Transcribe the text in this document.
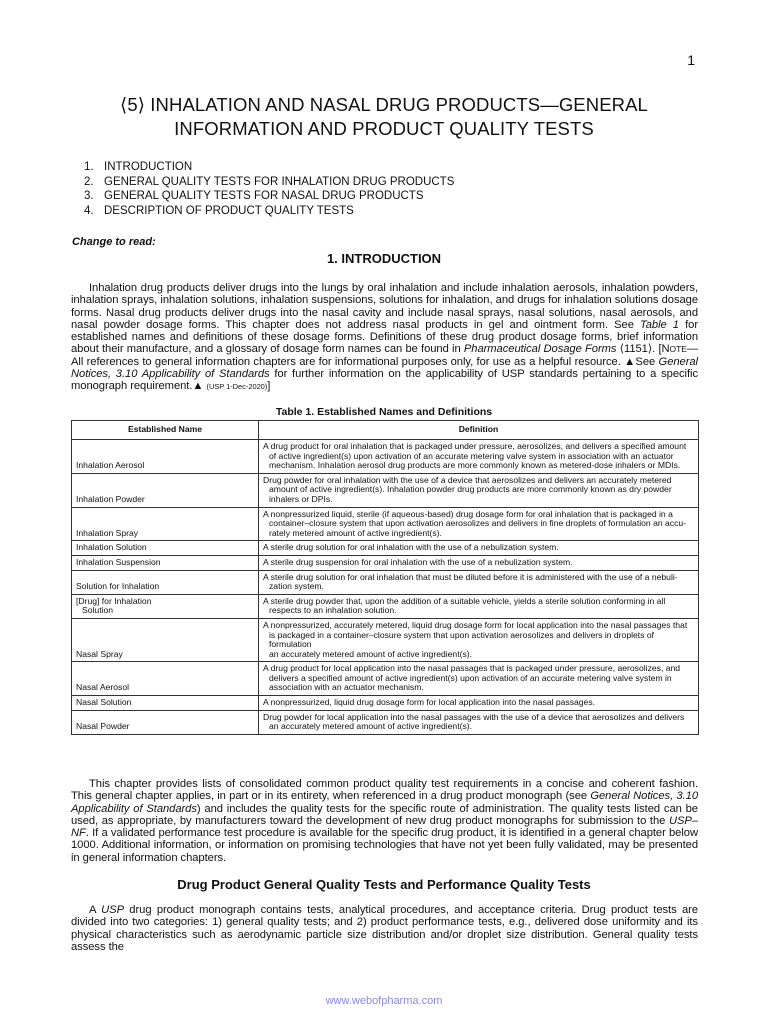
1
⟨5⟩ INHALATION AND NASAL DRUG PRODUCTS—GENERAL
INFORMATION AND PRODUCT QUALITY TESTS
1. INTRODUCTION
2. GENERAL QUALITY TESTS FOR INHALATION DRUG PRODUCTS
3. GENERAL QUALITY TESTS FOR NASAL DRUG PRODUCTS
4. DESCRIPTION OF PRODUCT QUALITY TESTS
Change to read:
1. INTRODUCTION
Inhalation drug products deliver drugs into the lungs by oral inhalation and include inhalation aerosols, inhalation powders, inhalation sprays, inhalation solutions, inhalation suspensions, solutions for inhalation, and drugs for inhalation solutions dosage forms. Nasal drug products deliver drugs into the nasal cavity and include nasal sprays, nasal solutions, nasal aerosols, and nasal powder dosage forms. This chapter does not address nasal products in gel and ointment form. See Table 1 for established names and definitions of these dosage forms. Definitions of these drug product dosage forms, brief information about their manufacture, and a glossary of dosage form names can be found in Pharmaceutical Dosage Forms ⟨1151⟩. [NOTE—All references to general information chapters are for informational purposes only, for use as a helpful resource. ▲See General Notices, 3.10 Applicability of Standards for further information on the applicability of USP standards pertaining to a specific monograph requirement.▲ (USP 1-Dec-2020)]
Table 1. Established Names and Definitions
Established Name	Definition

Inhalation Aerosol	A drug product for oral inhalation that is packaged under pressure, aerosolizes, and delivers a specified amount
of active ingredient(s) upon activation of an accurate metering valve system in association with an actuator
mechanism. Inhalation aerosol drug products are more commonly known as metered-dose inhalers or MDIs.

Inhalation Powder	Drug powder for oral inhalation with the use of a device that aerosolizes and delivers an accurately metered
amount of active ingredient(s). Inhalation powder drug products are more commonly known as dry powder
inhalers or DPIs.

Inhalation Spray	A nonpressurized liquid, sterile (if aqueous-based) drug dosage form for oral inhalation that is packaged in a
container–closure system that upon activation aerosolizes and delivers in fine droplets of formulation an accu-
rately metered amount of active ingredient(s).

Inhalation Solution	A sterile drug solution for oral inhalation with the use of a nebulization system.

Inhalation Suspension	A sterile drug suspension for oral inhalation with the use of a nebulization system.

Solution for Inhalation	A sterile drug solution for oral inhalation that must be diluted before it is administered with the use of a nebuli-
zation system.

[Drug] for Inhalation
Solution	A sterile drug powder that, upon the addition of a suitable vehicle, yields a sterile solution conforming in all
respects to an inhalation solution.

Nasal Spray	A nonpressurized, accurately metered, liquid drug dosage form for local application into the nasal passages that
is packaged in a container–closure system that upon activation aerosolizes and delivers in droplets of formulation
an accurately metered amount of active ingredient(s).

Nasal Aerosol	A drug product for local application into the nasal passages that is packaged under pressure, aerosolizes, and
delivers a specified amount of active ingredient(s) upon activation of an accurate metering valve system in
association with an actuator mechanism.

Nasal Solution	A nonpressurized, liquid drug dosage form for local application into the nasal passages.

Nasal Powder	Drug powder for local application into the nasal passages with the use of a device that aerosolizes and delivers
an accurately metered amount of active ingredient(s).
This chapter provides lists of consolidated common product quality test requirements in a concise and coherent fashion. This general chapter applies, in part or in its entirety, when referenced in a drug product monograph (see General Notices, 3.10 Applicability of Standards) and includes the quality tests for the specific route of administration. The quality tests listed can be used, as appropriate, by manufacturers toward the development of new drug product monographs for submission to the USP–NF. If a validated performance test procedure is available for the specific drug product, it is identified in a general chapter below 1000. Additional information, or information on promising technologies that have not yet been fully validated, may be presented in general information chapters.
Drug Product General Quality Tests and Performance Quality Tests
A USP drug product monograph contains tests, analytical procedures, and acceptance criteria. Drug product tests are divided into two categories: 1) general quality tests; and 2) product performance tests, e.g., delivered dose uniformity and its physical characteristics such as aerodynamic particle size distribution and/or droplet size distribution. General quality tests assess the
www.webofpharma.com
